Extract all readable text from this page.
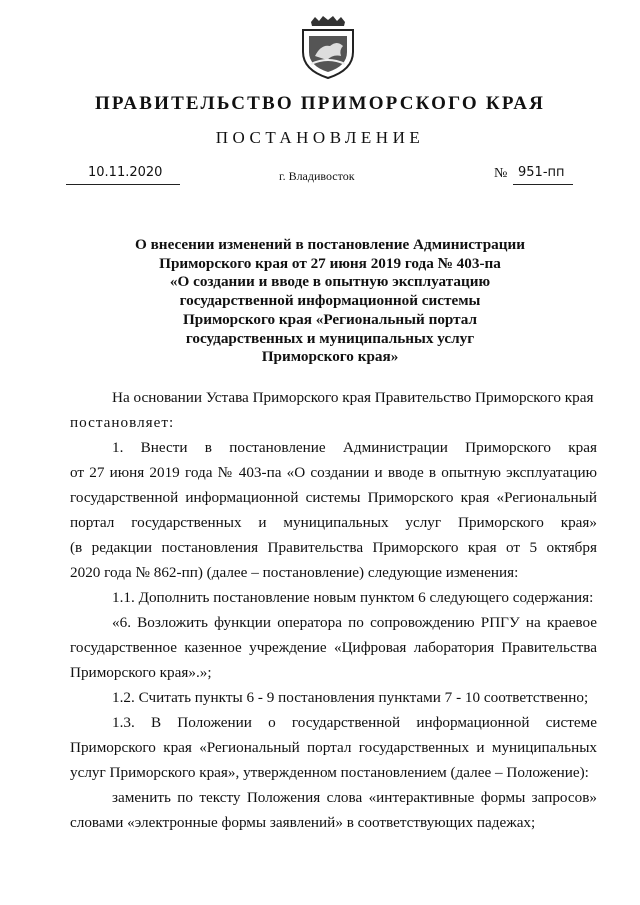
ПРАВИТЕЛЬСТВО ПРИМОРСКОГО КРАЯ
ПОСТАНОВЛЕНИЕ
10.11.2020	г. Владивосток	№ 951-пп
О внесении изменений в постановление Администрации
Приморского края от 27 июня 2019 года № 403-па
«О создании и вводе в опытную эксплуатацию
государственной информационной системы
Приморского края «Региональный портал
государственных и муниципальных услуг
Приморского края»
На основании Устава Приморского края Правительство Приморского края
постановляет:
1. Внести в постановление Администрации Приморского края
от 27 июня 2019 года № 403-па «О создании и вводе в опытную эксплуатацию
государственной информационной системы Приморского края «Региональный
портал государственных и муниципальных услуг Приморского края»
(в редакции постановления Правительства Приморского края от 5 октября
2020 года № 862-пп) (далее – постановление) следующие изменения:
1.1. Дополнить постановление новым пунктом 6 следующего содержания:
«6. Возложить функции оператора по сопровождению РПГУ на краевое
государственное казенное учреждение «Цифровая лаборатория Правительства
Приморского края».»;
1.2. Считать пункты 6 - 9 постановления пунктами 7 - 10 соответственно;
1.3. В Положении о государственной информационной системе
Приморского края «Региональный портал государственных и муниципальных
услуг Приморского края», утвержденном постановлением (далее – Положение):
заменить по тексту Положения слова «интерактивные формы запросов»
словами «электронные формы заявлений» в соответствующих падежах;
